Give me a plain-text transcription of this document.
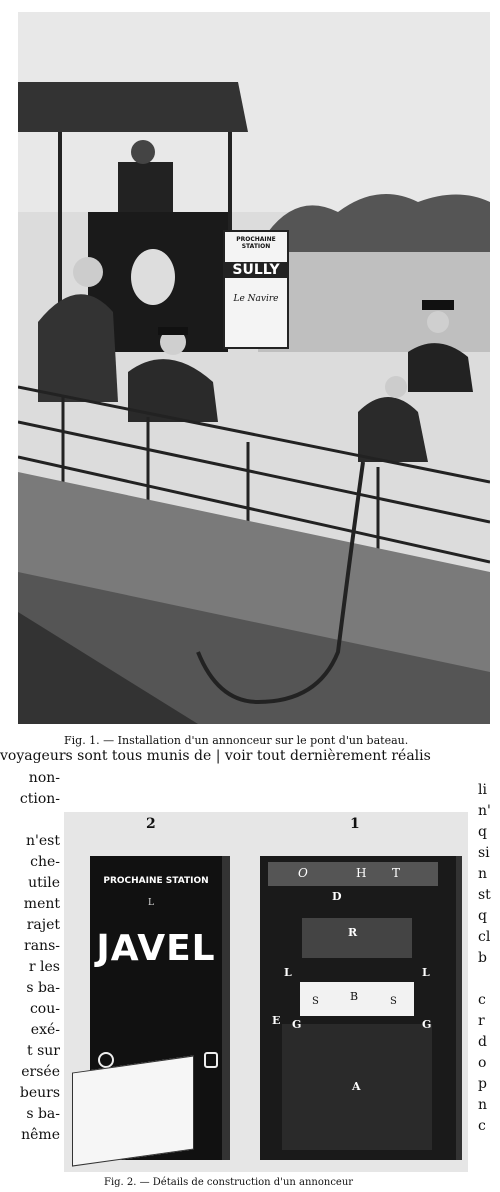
PROCHAINE STATION
SULLY
Le Navire
Fig. 1. — Installation d'un annonceur sur le pont d'un bateau.
voyageurs sont tous munis de | voir tout dernièrement réalis
non-
ction-
n'est
che-
utile
ment
rajet
rans-
r les
s ba-
cou-
exé-
t sur
ersée
beurs
s ba-
nême
li
n'
q
si
n
st
q
cl
b
c
r
d
o
p
n
c
2	1
PROCHAINE STATION
L
JAVEL
O	H T
D
R
L	L
B
S	S
E G	G
A
Fig. 2. — Détails de construction d'un annonceur
